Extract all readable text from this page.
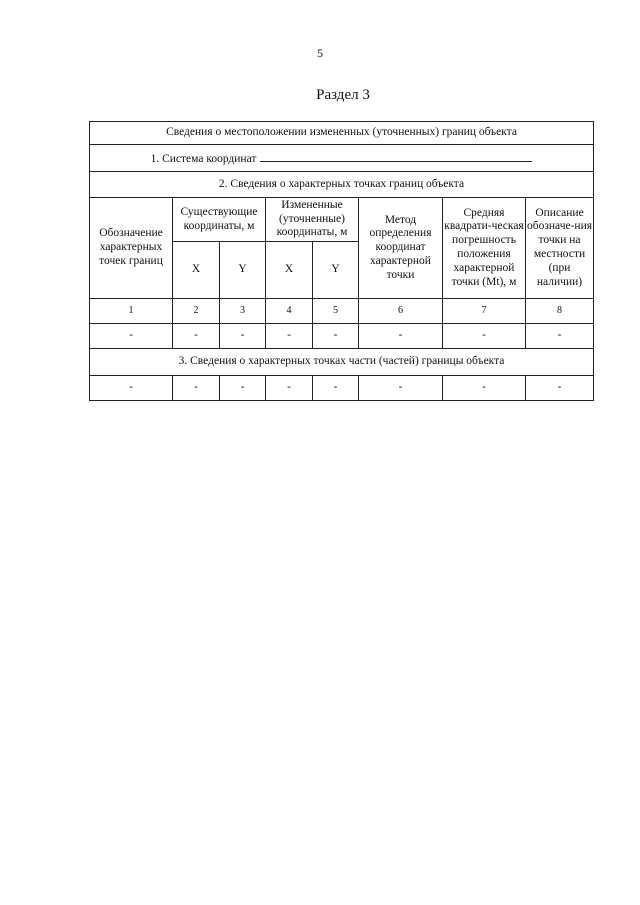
5
Раздел 3
Сведения о местоположении измененных (уточненных) границ объекта							
1. Система координат							
2. Сведения о характерных точках границ объекта							
Обозначение характерных точек границ	Существующие координаты, м		Измененные (уточненные) координаты, м		Метод определения координат характерной точки	Средняя квадрати-ческая погрешность положения характерной точки (Mt), м	Описание обозначе-ния точки на местности (при наличии)
	X	Y	X	Y			
1	2	3	4	5	6	7	8
-	-	-	-	-	-	-	-
3. Сведения о характерных точках части (частей) границы объекта							
-	-	-	-	-	-	-	-
